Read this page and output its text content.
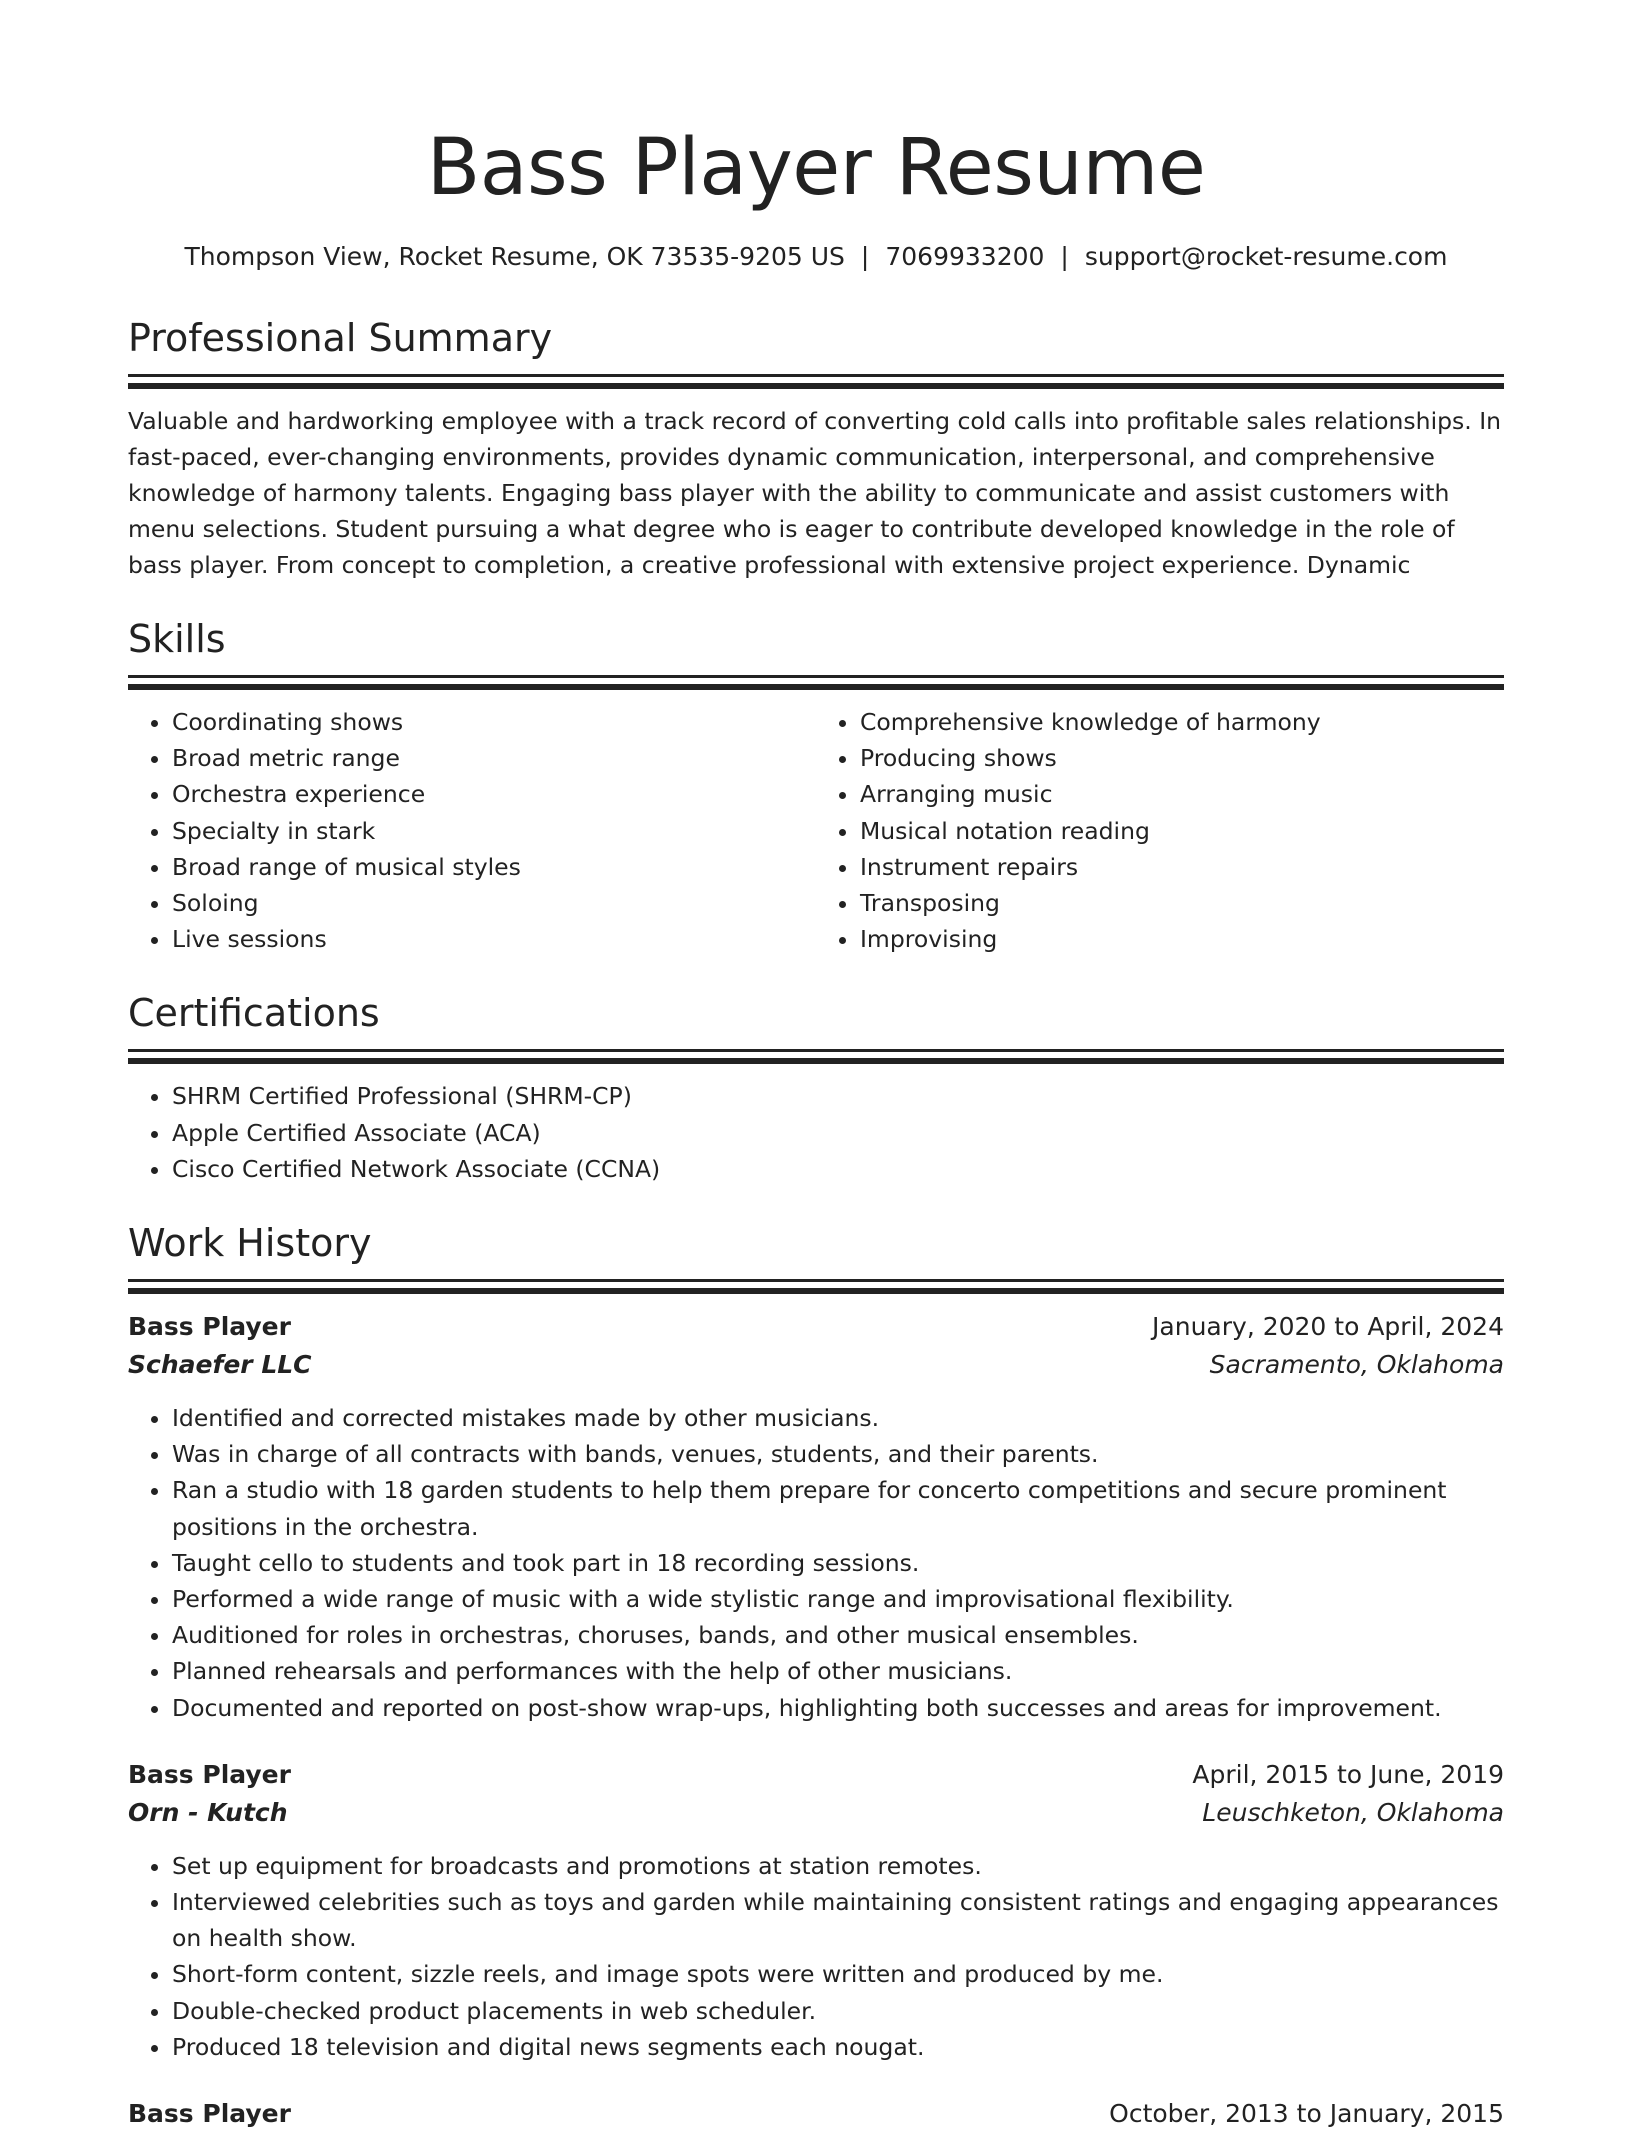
Bass Player Resume
Thompson View, Rocket Resume, OK 73535-9205 US | 7069933200 | support@rocket-resume.com
Professional Summary

Valuable and hardworking employee with a track record of converting cold calls into profitable sales relationships. In fast-paced, ever-changing environments, provides dynamic communication, interpersonal, and comprehensive knowledge of harmony talents. Engaging bass player with the ability to communicate and assist customers with menu selections. Student pursuing a what degree who is eager to contribute developed knowledge in the role of bass player. From concept to completion, a creative professional with extensive project experience. Dynamic

Skills
• Coordinating shows
• Broad metric range
• Orchestra experience
• Specialty in stark
• Broad range of musical styles
• Soloing
• Live sessions
• Comprehensive knowledge of harmony
• Producing shows
• Arranging music
• Musical notation reading
• Instrument repairs
• Transposing
• Improvising
Certifications
• SHRM Certified Professional (SHRM-CP)
• Apple Certified Associate (ACA)
• Cisco Certified Network Associate (CCNA)
Work History
Bass Player	January, 2020 to April, 2024
Schaefer LLC	Sacramento, Oklahoma
• Identified and corrected mistakes made by other musicians.
• Was in charge of all contracts with bands, venues, students, and their parents.
• Ran a studio with 18 garden students to help them prepare for concerto competitions and secure prominent positions in the orchestra.
• Taught cello to students and took part in 18 recording sessions.
• Performed a wide range of music with a wide stylistic range and improvisational flexibility.
• Auditioned for roles in orchestras, choruses, bands, and other musical ensembles.
• Planned rehearsals and performances with the help of other musicians.
• Documented and reported on post-show wrap-ups, highlighting both successes and areas for improvement.
Bass Player	April, 2015 to June, 2019
Orn - Kutch	Leuschketon, Oklahoma
• Set up equipment for broadcasts and promotions at station remotes.
• Interviewed celebrities such as toys and garden while maintaining consistent ratings and engaging appearances on health show.
• Short-form content, sizzle reels, and image spots were written and produced by me.
• Double-checked product placements in web scheduler.
• Produced 18 television and digital news segments each nougat.
Bass Player	October, 2013 to January, 2015
